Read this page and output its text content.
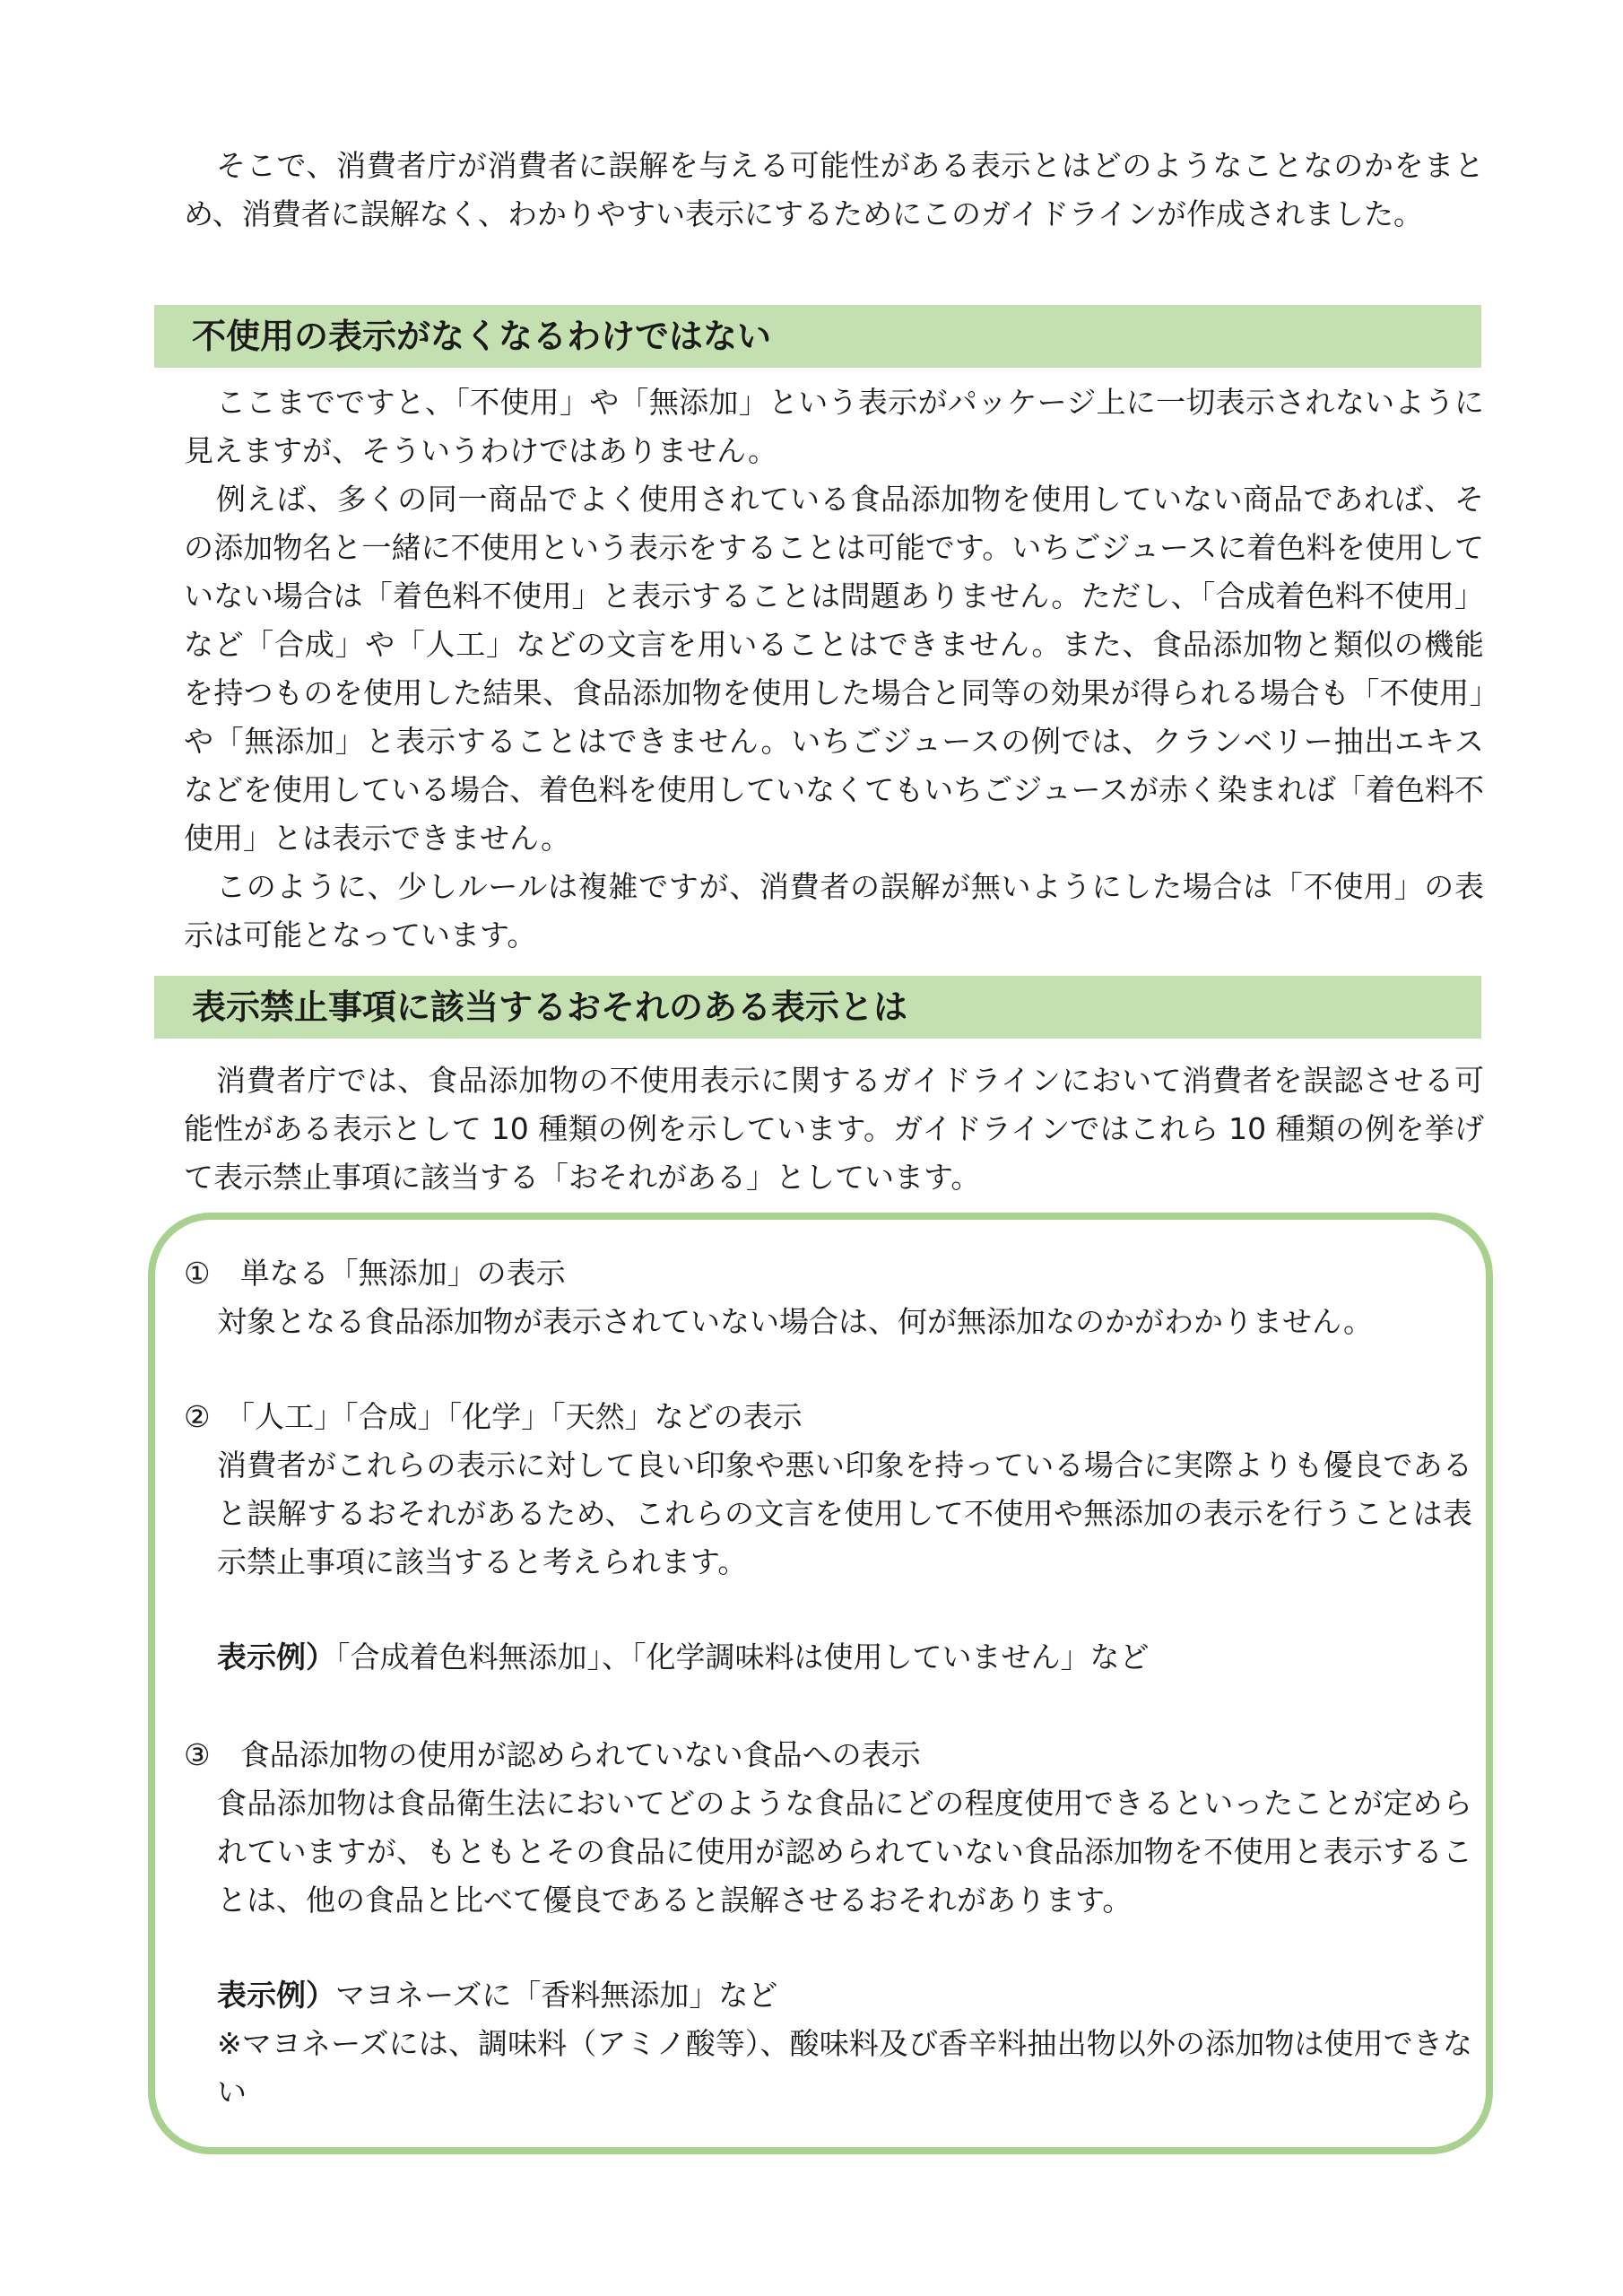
そこで、消費者庁が消費者に誤解を与える可能性がある表示とはどのようなことなのかをまとめ、消費者に誤解なく、わかりやすい表示にするためにこのガイドラインが作成されました。

不使用の表示がなくなるわけではない

ここまでですと、「不使用」や「無添加」という表示がパッケージ上に一切表示されないように見えますが、そういうわけではありません。

例えば、多くの同一商品でよく使用されている食品添加物を使用していない商品であれば、その添加物名と一緒に不使用という表示をすることは可能です。いちごジュースに着色料を使用していない場合は「着色料不使用」と表示することは問題ありません。ただし、「合成着色料不使用」など「合成」や「人工」などの文言を用いることはできません。また、食品添加物と類似の機能を持つものを使用した結果、食品添加物を使用した場合と同等の効果が得られる場合も「不使用」や「無添加」と表示することはできません。いちごジュースの例では、クランベリー抽出エキスなどを使用している場合、着色料を使用していなくてもいちごジュースが赤く染まれば「着色料不使用」とは表示できません。

このように、少しルールは複雑ですが、消費者の誤解が無いようにした場合は「不使用」の表示は可能となっています。

表示禁止事項に該当するおそれのある表示とは

消費者庁では、食品添加物の不使用表示に関するガイドラインにおいて消費者を誤認させる可能性がある表示として 10 種類の例を示しています。ガイドラインではこれら 10 種類の例を挙げて表示禁止事項に該当する「おそれがある」としています。

①　単なる「無添加」の表示

対象となる食品添加物が表示されていない場合は、何が無添加なのかがわかりません。

②　「人工」「合成」「化学」「天然」などの表示

消費者がこれらの表示に対して良い印象や悪い印象を持っている場合に実際よりも優良であると誤解するおそれがあるため、これらの文言を使用して不使用や無添加の表示を行うことは表示禁止事項に該当すると考えられます。

表示例）「合成着色料無添加」、「化学調味料は使用していません」など

③　食品添加物の使用が認められていない食品への表示

食品添加物は食品衛生法においてどのような食品にどの程度使用できるといったことが定められていますが、もともとその食品に使用が認められていない食品添加物を不使用と表示することは、他の食品と比べて優良であると誤解させるおそれがあります。

表示例）マヨネーズに「香料無添加」など

※マヨネーズには、調味料（アミノ酸等）、酸味料及び香辛料抽出物以外の添加物は使用できない
